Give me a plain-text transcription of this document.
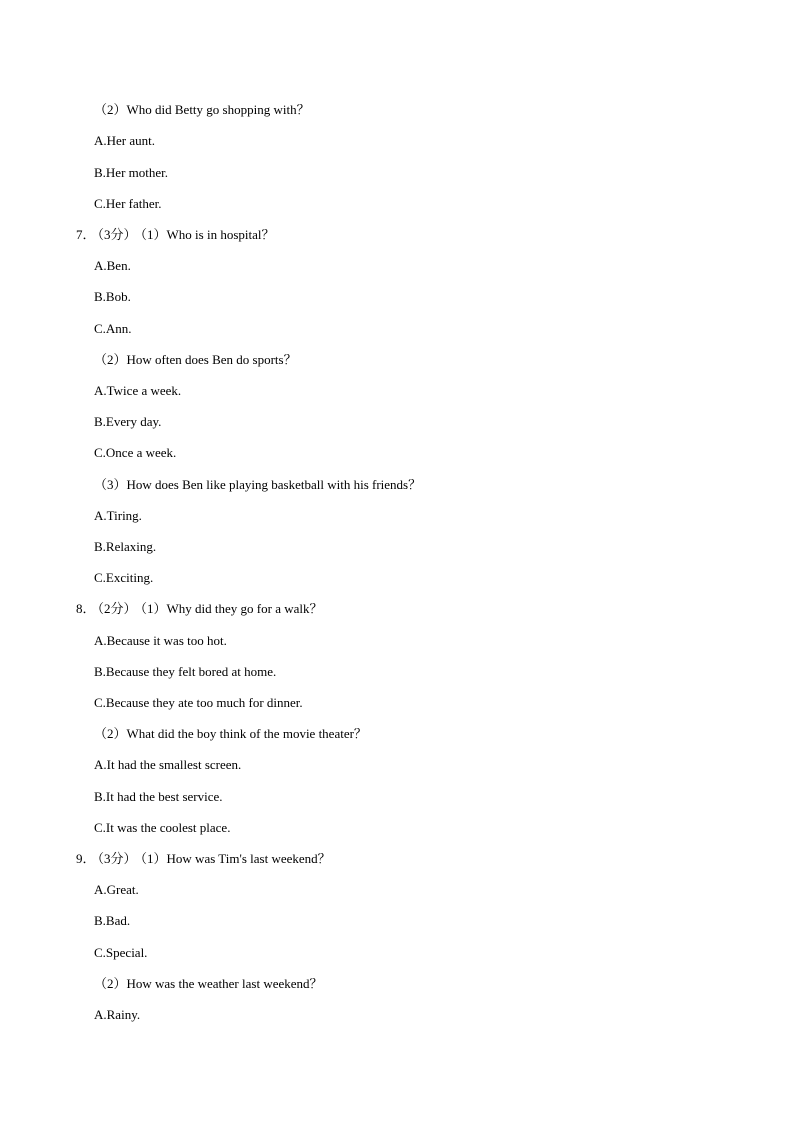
（2）Who did Betty go shopping with？
A.Her aunt.
B.Her mother.
C.Her father.
7． （3分） （1）Who is in hospital？
A.Ben.
B.Bob.
C.Ann.
（2）How often does Ben do sports？
A.Twice a week.
B.Every day.
C.Once a week.
（3）How does Ben like playing basketball with his friends？
A.Tiring.
B.Relaxing.
C.Exciting.
8． （2分） （1）Why did they go for a walk？
A.Because it was too hot.
B.Because they felt bored at home.
C.Because they ate too much for dinner.
（2）What did the boy think of the movie theater？
A.It had the smallest screen.
B.It had the best service.
C.It was the coolest place.
9． （3分） （1）How was Tim's last weekend？
A.Great.
B.Bad.
C.Special.
（2）How was the weather last weekend？
A.Rainy.
